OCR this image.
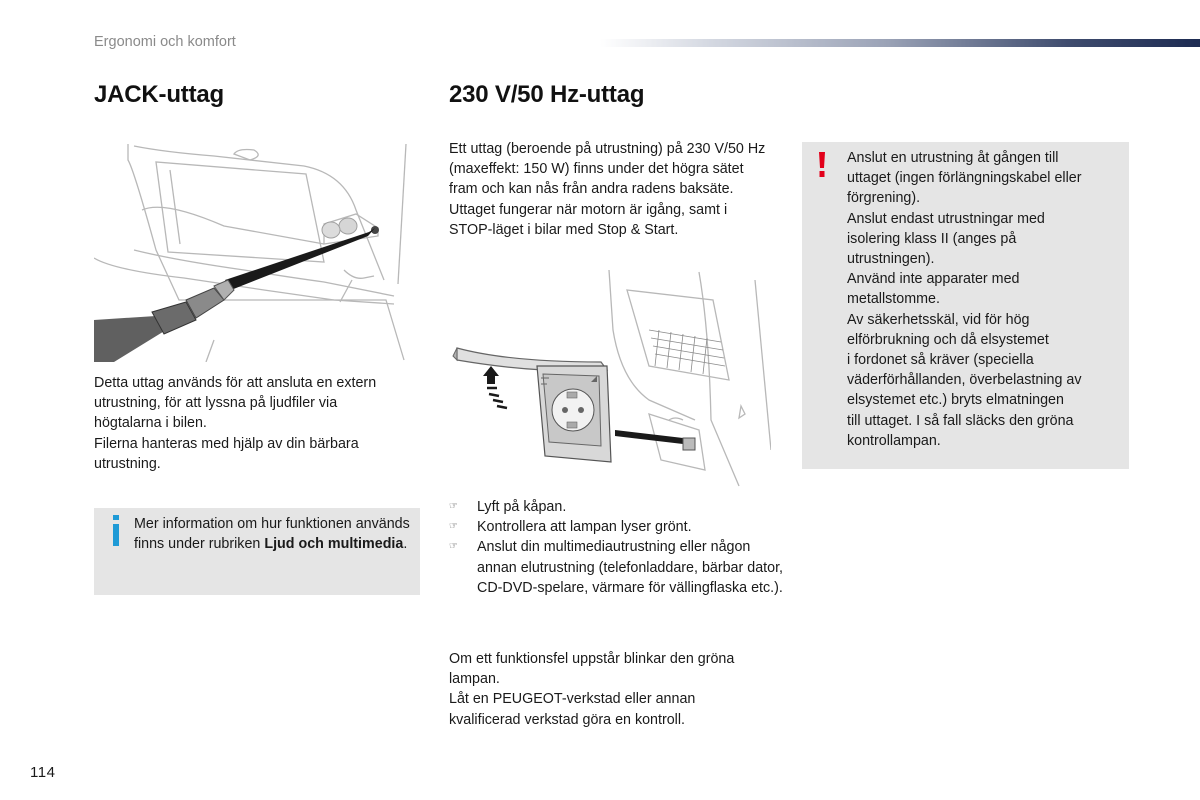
Ergonomi och komfort
JACK-uttag	230 V/50 Hz-uttag

Detta uttag används för att ansluta en extern

utrustning, för att lyssna på ljudfiler via

högtalarna i bilen.

Filerna hanteras med hjälp av din bärbara

utrustning.

Mer information om hur funktionen används finns under rubriken Ljud och multimedia.

Ett uttag (beroende på utrustning) på 230 V/50 Hz

(maxeffekt: 150 W) finns under det högra sätet

fram och kan nås från andra radens baksäte.

Uttaget fungerar när motorn är igång, samt i

STOP-läget i bilar med Stop & Start.

Anslut en utrustning åt gången till

uttaget (ingen förlängningskabel eller

förgrening).

Anslut endast utrustningar med

isolering klass II (anges på

utrustningen).

Använd inte apparater med

metallstomme.

Av säkerhetsskäl, vid för hög

elförbrukning och då elsystemet

i fordonet så kräver (speciella

väderförhållanden, överbelastning av

elsystemet etc.) bryts elmatningen

till uttaget. I så fall släcks den gröna

kontrollampan.

☞ Lyft på kåpan.
☞ Kontrollera att lampan lyser grönt.
☞ Anslut din multimediautrustning eller någon annan elutrustning (telefonladdare, bärbar dator, CD-DVD-spelare, värmare för vällingflaska etc.).

Om ett funktionsfel uppstår blinkar den gröna

lampan.

Låt en PEUGEOT-verkstad eller annan

kvalificerad verkstad göra en kontroll.

114
